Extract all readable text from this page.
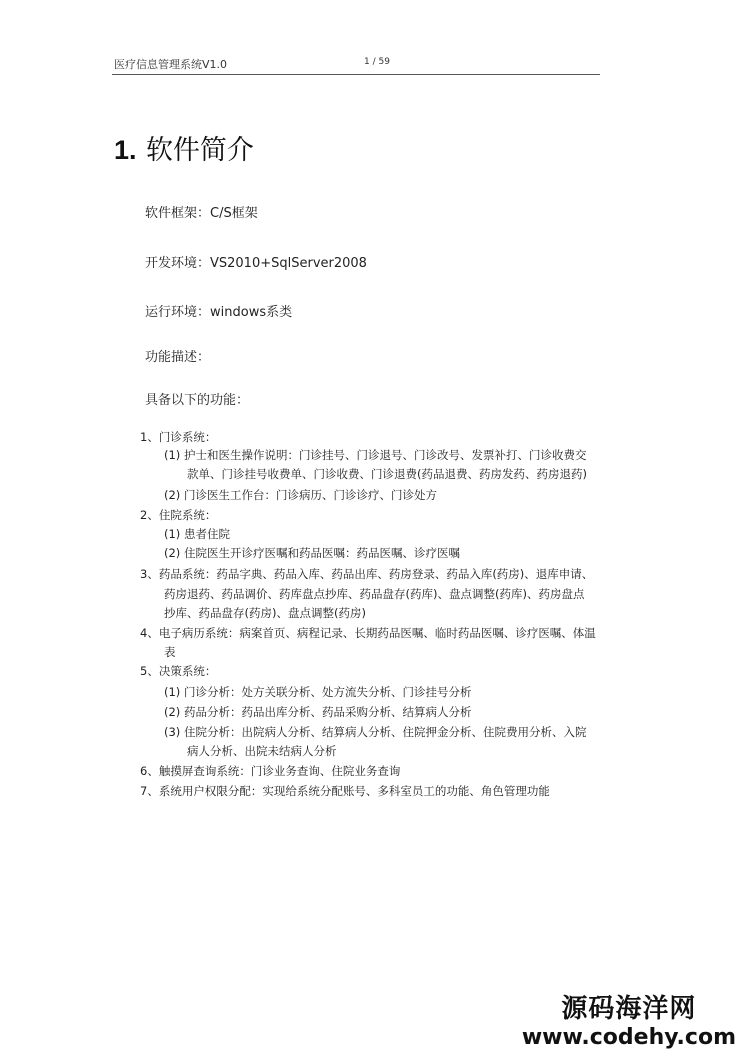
医疗信息管理系统V1.0	1 / 59
1. 软件简介
软件框架：C/S框架
开发环境：VS2010+SqlServer2008
运行环境：windows系类
功能描述：
具备以下的功能：
1、门诊系统：
(1) 护士和医生操作说明：门诊挂号、门诊退号、门诊改号、发票补打、门诊收费交
款单、门诊挂号收费单、门诊收费、门诊退费(药品退费、药房发药、药房退药)
(2) 门诊医生工作台：门诊病历、门诊诊疗、门诊处方
2、住院系统：
(1) 患者住院
(2) 住院医生开诊疗医嘱和药品医嘱：药品医嘱、诊疗医嘱
3、药品系统：药品字典、药品入库、药品出库、药房登录、药品入库(药房)、退库申请、
药房退药、药品调价、药库盘点抄库、药品盘存(药库)、盘点调整(药库)、药房盘点
抄库、药品盘存(药房)、盘点调整(药房)
4、电子病历系统：病案首页、病程记录、长期药品医嘱、临时药品医嘱、诊疗医嘱、体温
表
5、决策系统：
(1) 门诊分析：处方关联分析、处方流失分析、门诊挂号分析
(2) 药品分析：药品出库分析、药品采购分析、结算病人分析
(3) 住院分析：出院病人分析、结算病人分析、住院押金分析、住院费用分析、入院
病人分析、出院未结病人分析
6、触摸屏查询系统：门诊业务查询、住院业务查询
7、系统用户权限分配：实现给系统分配账号、多科室员工的功能、角色管理功能
源码海洋网
www.codehy.com
